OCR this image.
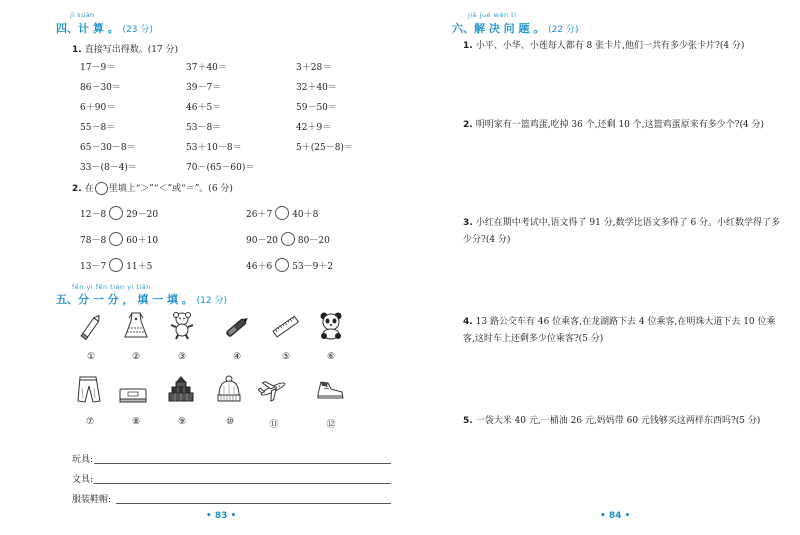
jì suàn
四、计 算 。 (23 分)
1. 直接写出得数。(17 分)
17－9＝	37＋40＝	3＋28＝
86－30＝	39－7＝	32＋40＝
6＋90＝	46＋5＝	59－50＝
55－8＝	53－8＝	42＋9＝
65－30－8＝	53＋10－8＝	5＋(25－8)＝
33－(8－4)＝	70－(65－60)＝
2. 在 里填上“＞”“＜”或“＝”。(6 分)
12－8 29－20	26＋7 40＋8
78－8 60＋10	90－20 80－20
13－7 11＋5	46＋6 53－9＋2
fēn yi fēn tián yi tián
五、分 一 分 ， 填 一 填 。 (12 分)
①	②	③	④	⑤	⑥
⑦	⑧	⑨	⑩	⑪	⑫
玩具:
文具:
服装鞋帽:
• 83 •
jiě jué wèn tí
六、解 决 问 题 。 (22 分)
1. 小平、小华、小莲每人都有 8 张卡片,他们一共有多少张卡片?(4 分)
2. 明明家有一篮鸡蛋,吃掉 36 个,还剩 10 个,这篮鸡蛋原来有多少个?(4 分)
3. 小红在期中考试中,语文得了 91 分,数学比语文多得了 6 分。小红数学得了多少分?(4 分)
4. 13 路公交车有 46 位乘客,在龙湖路下去 4 位乘客,在明珠大道下去 10 位乘客,这时车上还剩多少位乘客?(5 分)
5. 一袋大米 40 元,一桶油 26 元,妈妈带 60 元钱够买这两样东西吗?(5 分)
• 84 •
